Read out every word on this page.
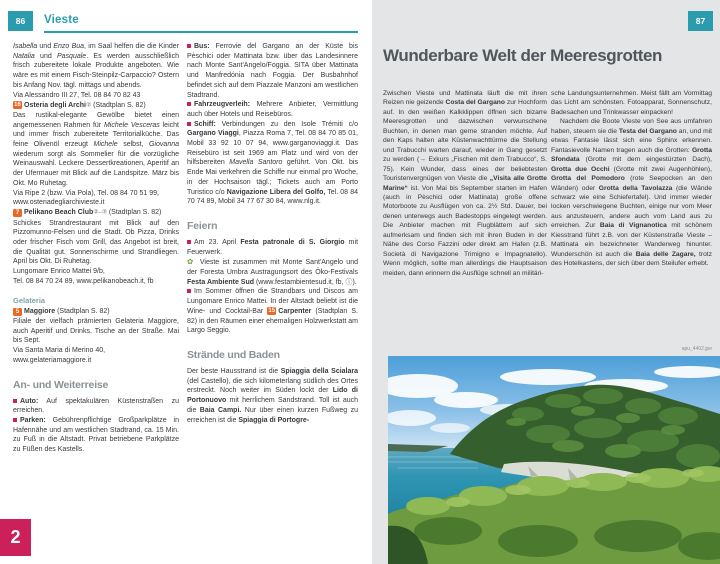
86	Vieste	87
Isabella und Enzo Bua, im Saal helfen die die Kinder Natalia und Pasquale. Es werden ausschließlich frisch zubereitete lokale Produkte angeboten. Wie wäre es mit einem Fisch-Steinpilz-Carpaccio? Ostern bis Anfang Nov. tägl. mittags und abends.
Via Alessandro III 27, Tel. 08 84 70 82 43
16 Osteria degli Archi② (Stadtplan S. 82)
Das rustikal-elegante Gewölbe bietet einen angemessenen Rahmen für Michele Vesceras leicht und immer frisch zubereitete Territorialküche. Das feine Olivenöl erzeugt Michele selbst, Giovanna wiederum sorgt als Sommelier für die vorzügliche Weinauswahl. Leckere Dessertkreationen, Aperitif an der Ufermauer mit Blick auf die Landspitze. März bis Okt. Mo Ruhetag.
Via Ripe 2 (bzw. Via Pola), Tel. 08 84 70 51 99,
www.osteriadegliarchivieste.it
7 Pelikano Beach Club②–③ (Stadtplan S. 82)
Schickes Strandrestaurant mit Blick auf den Pizzomunno-Felsen und die Stadt. Ob Pizza, Drinks oder frischer Fisch vom Grill, das Angebot ist breit, die Qualität gut. Sonnenschirme und Strandliegen. April bis Okt. Di Ruhetag.
Lungomare Enrico Mattei 9/b,
Tel. 08 84 70 24 89, www.pelikanobeach.it, fb
Gelateria
5 Maggiore (Stadtplan S. 82)
Filiale der vielfach prämierten Gelateria Maggiore, auch Aperitif und Drinks. Tische an der Straße. Mai bis Sept.
Via Santa Maria di Merino 40,
www.gelateriamaggiore.it
An- und Weiterreise
Auto: Auf spektakulären Küstenstraßen zu erreichen.
Parken: Gebührenpflichtige Großparkplätze in Hafennähe und am westlichen Stadtrand, ca. 15 Min. zu Fuß in die Altstadt. Privat betriebene Parkplätze zu Füßen des Kastells.
Bus: Ferrovie del Gargano an der Küste bis Pèschici oder Mattinata bzw. über das Landesinnere nach Monte Sant'Angelo/Foggia. SITA über Mattinata und Manfredónia nach Foggia. Der Busbahnhof befindet sich auf dem Piazzale Manzoni am westlichen Stadtrand.
Fahrzeugverleih: Mehrere Anbieter, Vermittlung auch über Hotels und Reisebüros.
Schiff: Verbindungen zu den Isole Trémiti c/o Gargano Viaggi, Piazza Roma 7, Tel. 08 84 70 85 01, Mobil 33 92 10 07 94, www.garganoviaggi.it. Das Reisebüro ist seit 1969 am Platz und wird von der hilfsbereiten Mavella Santoro geführt. Von Okt. bis Ende Mai verkehren die Schiffe nur einmal pro Woche, in der Hochsaison tägl.; Tickets auch am Porto Turistico c/o Navigazione Libera del Golfo, Tel. 08 84 70 74 89, Mobil 34 77 67 30 84, www.nlg.it.
Feiern
Am 23. April Festa patronale di S. Giorgio mit Feuerwerk.
✿ Vieste ist zusammen mit Monte Sant'Angelo und der Foresta Umbra Austragungsort des Öko-Festivals Festa Ambiente Sud (www.festambientesud.it, fb, ⓘ).
Im Sommer öffnen die Strandbars und Discos am Lungomare Enrico Mattei. In der Altstadt beliebt ist die Wine- und Cocktail-Bar 15 Carpenter (Stadtplan S. 82) in den Räumen einer ehemaligen Holzwerkstatt am Largo Seggio.
Strände und Baden
Der beste Hausstrand ist die Spiaggia della Scialara (del Castello), die sich kilometerlang südlich des Ortes erstreckt. Noch weiter im Süden lockt der Lido di Portonuovo mit herrlichem Sandstrand. Toll ist auch die Baia Campi. Nur über einen kurzen Fußweg zu erreichen ist die Spiaggia di Portogre-
Wunderbare Welt der Meeresgrotten
Zwischen Vieste und Mattinata läuft die mit ihren Reizen nie geizende Costa del Gargano zur Hochform auf. In den weißen Kalkklippen öffnen sich bizarre Meeresgrotten und dazwischen verwunschene Buchten, in denen man gerne stranden möchte. Auf den Kaps halten alte Küstenwachttürme die Stellung und Trabucchi warten darauf, wieder in Gang gesetzt zu werden (→ Exkurs „Fischen mit dem Trabucco“, S. 75). Kein Wunder, dass eines der beliebtesten Touristenvergnügen von Vieste die „Visita alle Grotte Marine“ ist. Von Mai bis September starten im Hafen (auch in Pèschici oder Mattinata) große offene Motorboote zu Ausflügen von ca. 2½ Std. Dauer, bei denen unterwegs auch Badestopps eingelegt werden. Die Anbieter machen mit Flugblättern auf sich aufmerksam und finden sich mit ihren Buden in der Nähe des Corso Fazzini oder direkt am Hafen (z.B. Società di Navigazione Trimigno e Impagnatello). Wenn möglich, sollte man allerdings die Hauptsaison meiden, dann erinnern die Ausflüge schnell an militäri-
sche Landungsunternehmen. Meist fällt am Vormittag das Licht am schönsten. Fotoapparat, Sonnenschutz, Badesachen und Trinkwasser einpacken!
Nachdem die Boote Vieste von See aus umfahren haben, steuern sie die Testa del Gargano an, und mit etwas Fantasie lässt sich eine Sphinx erkennen. Fantasievolle Namen tragen auch die Grotten: Grotta Sfondata (Grotte mit dem eingestürzten Dach), Grotta due Occhi (Grotte mit zwei Augenhöhlen), Grotta del Pomodoro (rote Seepocken an den Wänden) oder Grotta della Tavolazza (die Wände schwarz wie eine Schiefertafel). Und immer wieder locken verschwiegene Buchten, einige nur vom Meer aus anzusteuern, andere auch vom Land aus zu erreichen. Zur Baia di Vignanotica mit schönem Kiesstrand führt z.B. von der Küstenstraße Vieste – Mattinata ein bezeichneter Wanderweg hinunter. Wunderschön ist auch die Baia delle Zagare, trotz des Hotelkastens, der sich über dem Steilufer erhebt.
apu_4402.jpe
2
